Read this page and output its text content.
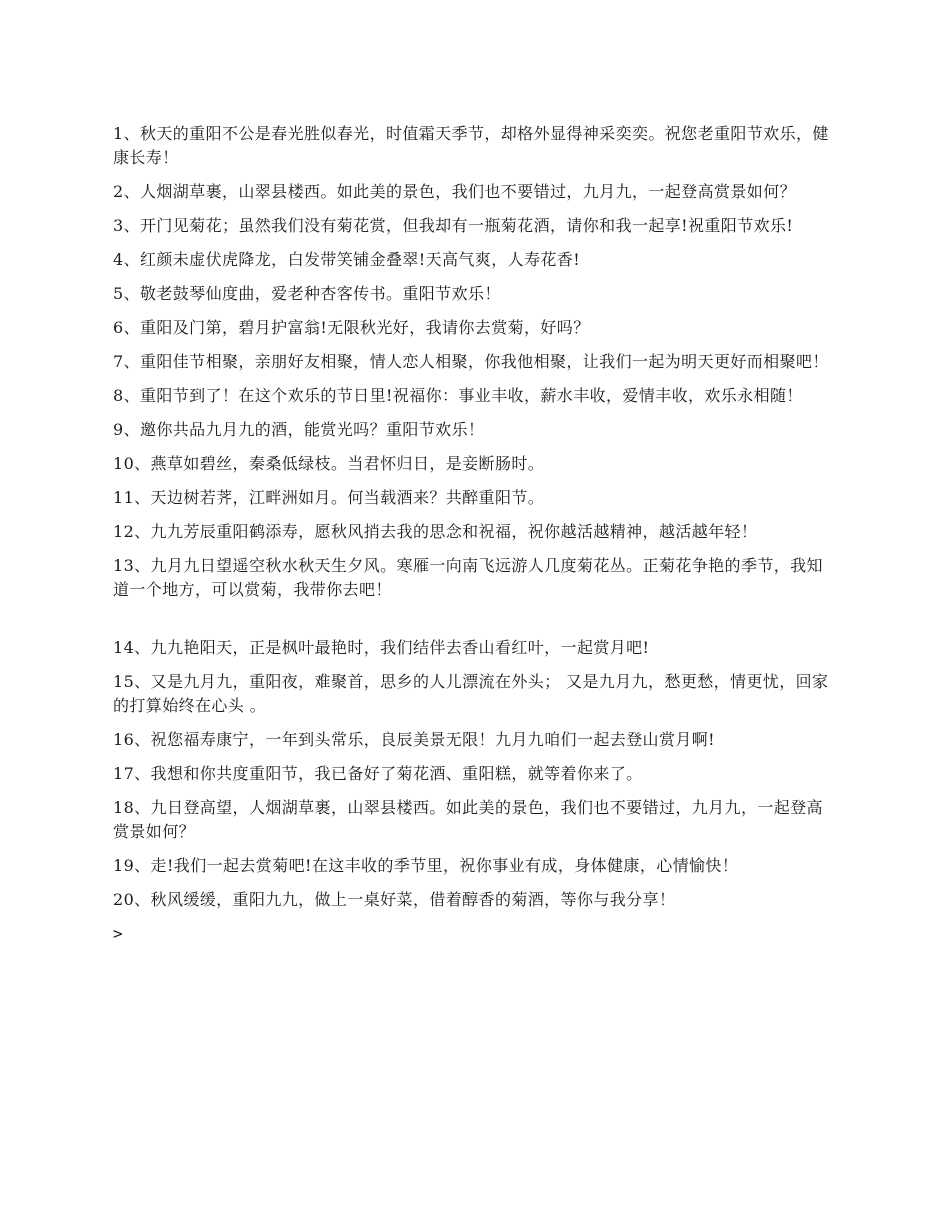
1、秋天的重阳不公是春光胜似春光，时值霜天季节，却格外显得神采奕奕。祝您老重阳节欢乐，健康长寿！

2、人烟湖草裹，山翠县楼西。如此美的景色，我们也不要错过，九月九，一起登高赏景如何？

3、开门见菊花；虽然我们没有菊花赏，但我却有一瓶菊花酒，请你和我一起享!祝重阳节欢乐!

4、红颜未虚伏虎降龙，白发带笑铺金叠翠!天高气爽，人寿花香!

5、敬老鼓琴仙度曲，爱老种杏客传书。重阳节欢乐！

6、重阳及门第，碧月护富翁!无限秋光好，我请你去赏菊，好吗？

7、重阳佳节相聚，亲朋好友相聚，情人恋人相聚，你我他相聚，让我们一起为明天更好而相聚吧！

8、重阳节到了！在这个欢乐的节日里!祝福你：事业丰收，薪水丰收，爱情丰收，欢乐永相随！

9、邀你共品九月九的酒，能赏光吗？重阳节欢乐！

10、燕草如碧丝，秦桑低绿枝。当君怀归日，是妾断肠时。

11、天边树若荠，江畔洲如月。何当载酒来？共醉重阳节。

12、九九芳辰重阳鹤添寿，愿秋风捎去我的思念和祝福，祝你越活越精神，越活越年轻！

13、九月九日望遥空秋水秋天生夕风。寒雁一向南飞远游人几度菊花丛。正菊花争艳的季节，我知道一个地方，可以赏菊，我带你去吧！

14、九九艳阳天，正是枫叶最艳时，我们结伴去香山看红叶，一起赏月吧!

15、又是九月九，重阳夜，难聚首，思乡的人儿漂流在外头； 又是九月九，愁更愁，情更忧，回家的打算始终在心头 。

16、祝您福寿康宁，一年到头常乐，良辰美景无限！九月九咱们一起去登山赏月啊!

17、我想和你共度重阳节，我已备好了菊花酒、重阳糕，就等着你来了。

18、九日登高望，人烟湖草裹，山翠县楼西。如此美的景色，我们也不要错过，九月九，一起登高赏景如何？

19、走!我们一起去赏菊吧!在这丰收的季节里，祝你事业有成，身体健康，心情愉快！

20、秋风缓缓，重阳九九，做上一桌好菜，借着醇香的菊酒，等你与我分享！

>
